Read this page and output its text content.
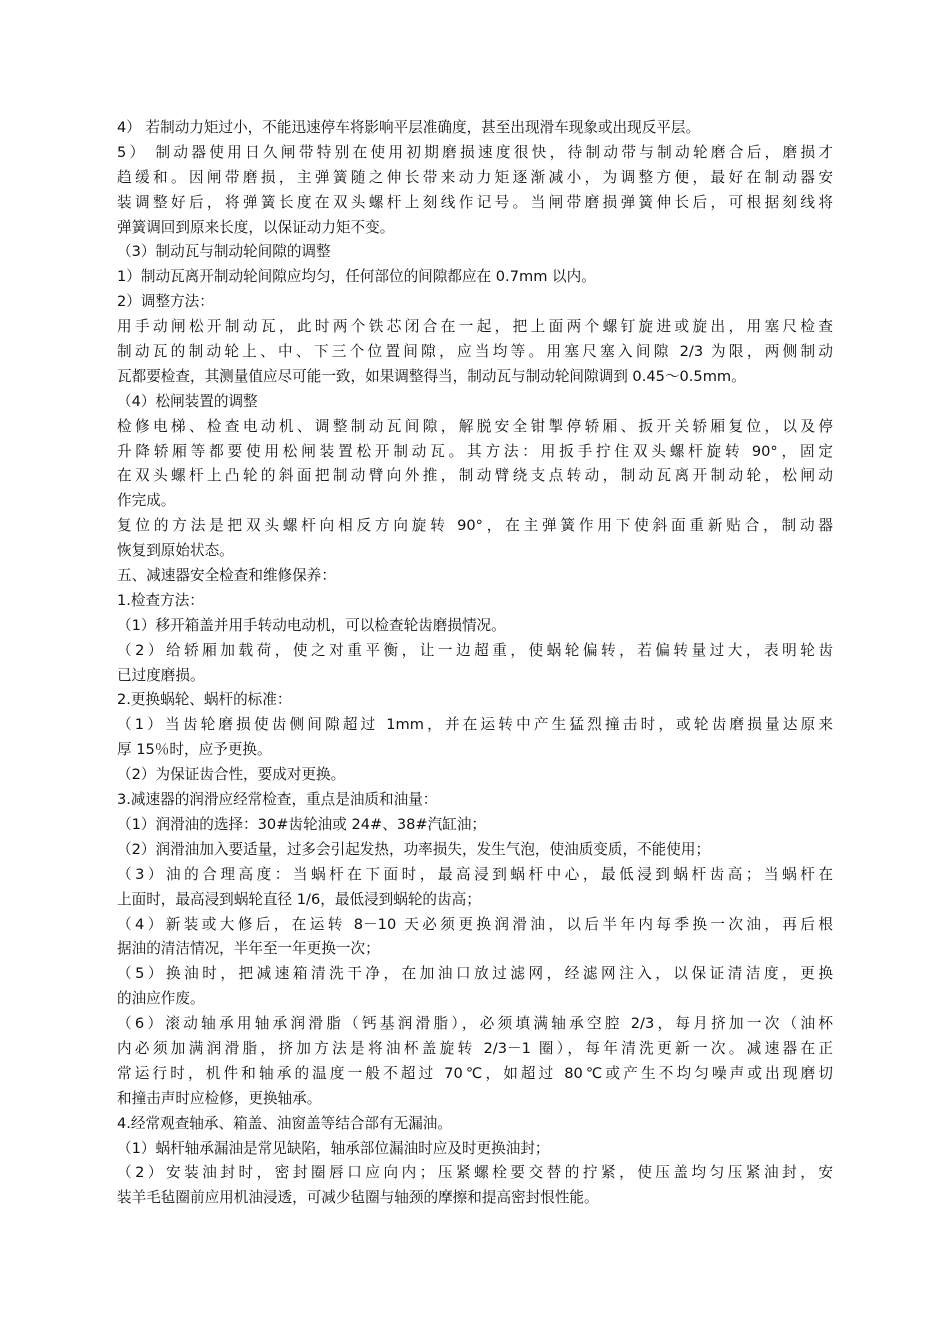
4） 若制动力矩过小，不能迅速停车将影响平层准确度，甚至出现滑车现象或出现反平层。
5） 制动器使用日久闸带特别在使用初期磨损速度很快，待制动带与制动轮磨合后，磨损才
趋缓和。因闸带磨损，主弹簧随之伸长带来动力矩逐渐减小，为调整方便，最好在制动器安
装调整好后，将弹簧长度在双头螺杆上刻线作记号。当闸带磨损弹簧伸长后，可根据刻线将
弹簧调回到原来长度，以保证动力矩不变。
（3）制动瓦与制动轮间隙的调整
1）制动瓦离开制动轮间隙应均匀，任何部位的间隙都应在 0.7mm 以内。
2）调整方法：
用手动闸松开制动瓦，此时两个铁芯闭合在一起，把上面两个螺钉旋进或旋出，用塞尺检查
制动瓦的制动轮上、中、下三个位置间隙，应当均等。用塞尺塞入间隙 2/3 为限，两侧制动
瓦都要检查，其测量值应尽可能一致，如果调整得当，制动瓦与制动轮间隙调到 0.45～0.5mm。
（4）松闸装置的调整
检修电梯、检查电动机、调整制动瓦间隙，解脱安全钳掣停轿厢、扳开关轿厢复位，以及停
升降轿厢等都要使用松闸装置松开制动瓦。其方法：用扳手拧住双头螺杆旋转 90°，固定
在双头螺杆上凸轮的斜面把制动臂向外推，制动臂绕支点转动，制动瓦离开制动轮，松闸动
作完成。
复位的方法是把双头螺杆向相反方向旋转 90°，在主弹簧作用下使斜面重新贴合，制动器
恢复到原始状态。
五、减速器安全检查和维修保养：
1.检查方法：
（1）移开箱盖并用手转动电动机，可以检查轮齿磨损情况。
（2）给轿厢加载荷，使之对重平衡，让一边超重，使蜗轮偏转，若偏转量过大，表明轮齿
已过度磨损。
2.更换蜗轮、蜗杆的标准：
（1）当齿轮磨损使齿侧间隙超过 1mm，并在运转中产生猛烈撞击时，或轮齿磨损量达原来
厚 15％时，应予更换。
（2）为保证齿合性，要成对更换。
3.减速器的润滑应经常检查，重点是油质和油量：
（1）润滑油的选择：30#齿轮油或 24#、38#汽缸油；
（2）润滑油加入要适量，过多会引起发热，功率损失，发生气泡，使油质变质，不能使用；
（3）油的合理高度：当蜗杆在下面时，最高浸到蜗杆中心，最低浸到蜗杆齿高；当蜗杆在
上面时，最高浸到蜗轮直径 1/6，最低浸到蜗轮的齿高；
（4）新装或大修后，在运转 8－10 天必须更换润滑油，以后半年内每季换一次油，再后根
据油的清洁情况，半年至一年更换一次；
（5）换油时，把减速箱清洗干净，在加油口放过滤网，经滤网注入，以保证清洁度，更换
的油应作废。
（6）滚动轴承用轴承润滑脂（钙基润滑脂），必须填满轴承空腔 2/3，每月挤加一次（油杯
内必须加满润滑脂，挤加方法是将油杯盖旋转 2/3－1 圈），每年清洗更新一次。减速器在正
常运行时，机件和轴承的温度一般不超过 70℃，如超过 80℃或产生不均匀噪声或出现磨切
和撞击声时应检修，更换轴承。
4.经常观查轴承、箱盖、油窗盖等结合部有无漏油。
（1）蜗杆轴承漏油是常见缺陷，轴承部位漏油时应及时更换油封；
（2）安装油封时，密封圈唇口应向内；压紧螺栓要交替的拧紧，使压盖均匀压紧油封，安
装羊毛毡圈前应用机油浸透，可减少毡圈与轴颈的摩擦和提高密封恨性能。
